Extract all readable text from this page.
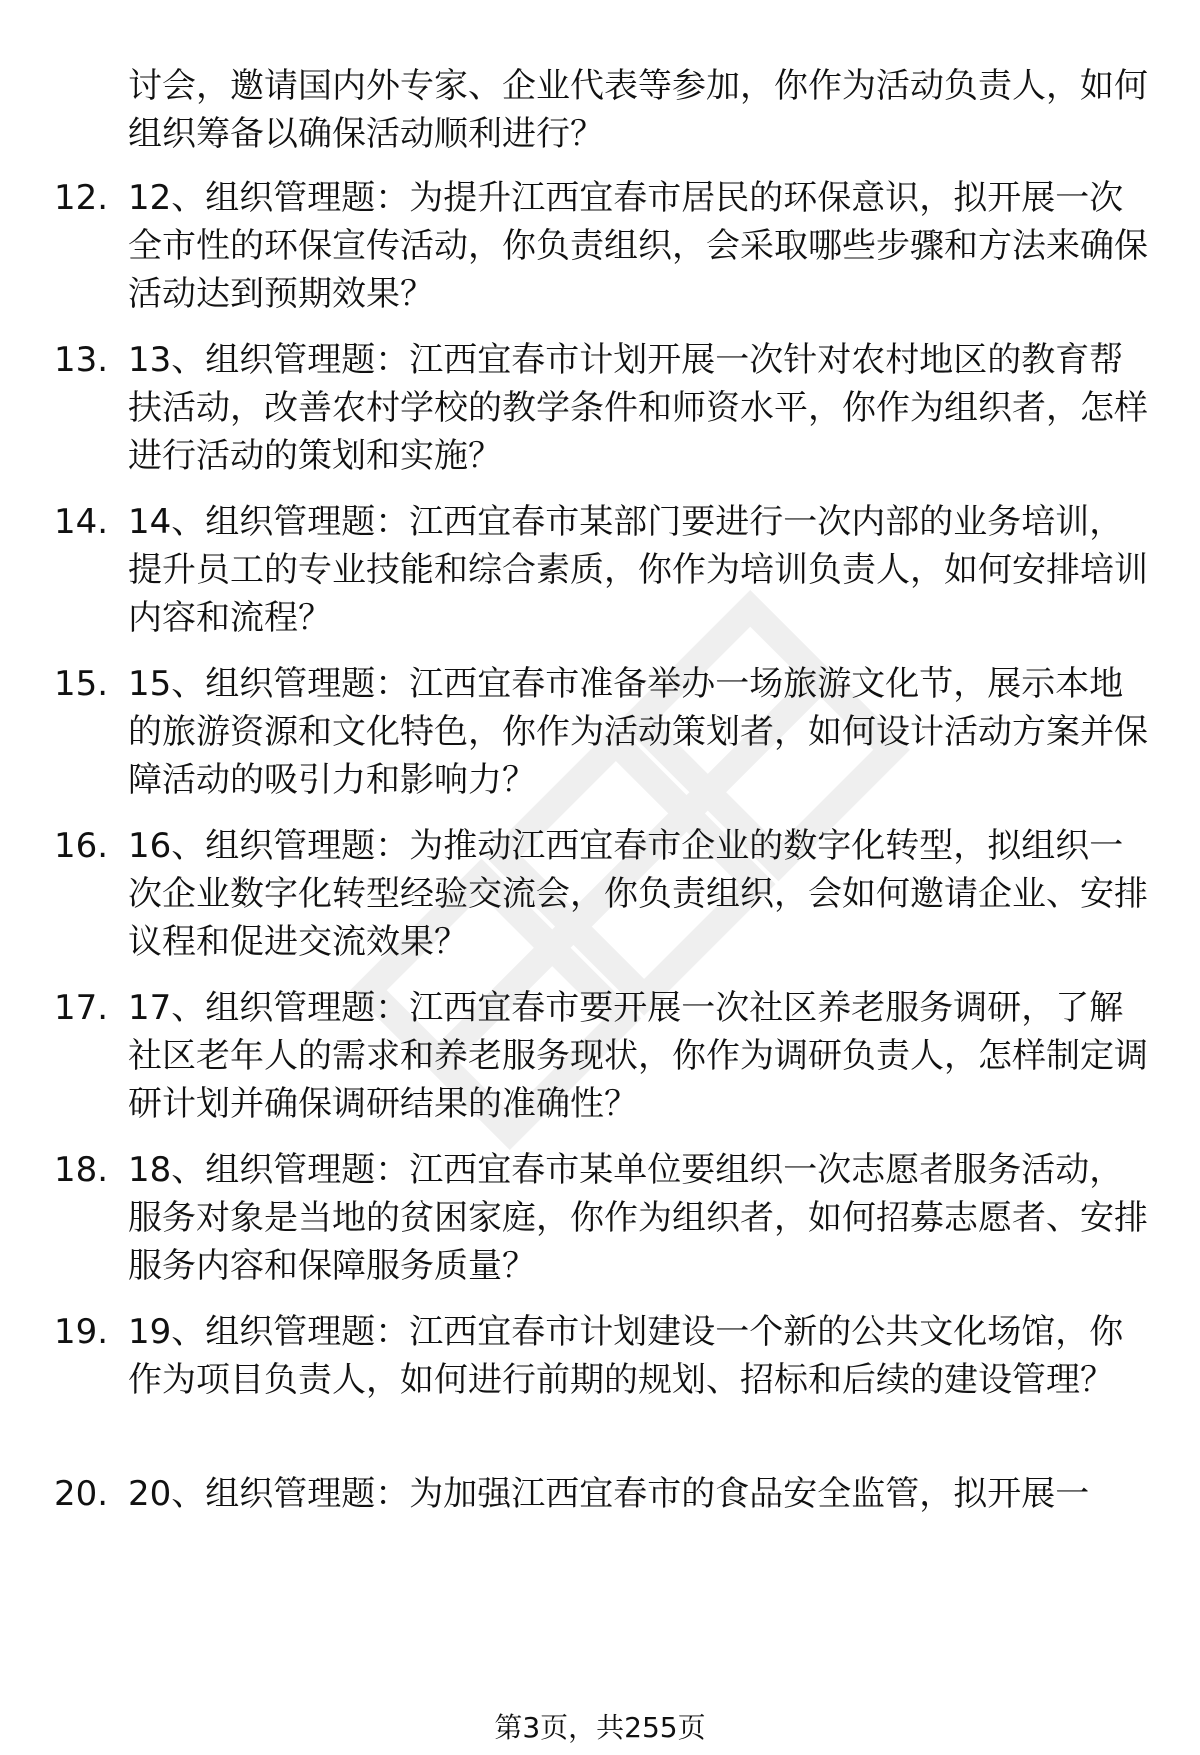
讨会，邀请国内外专家、企业代表等参加，你作为活动负责人，如何组织筹备以确保活动顺利进行？
12. 12、组织管理题：为提升江西宜春市居民的环保意识，拟开展一次全市性的环保宣传活动，你负责组织，会采取哪些步骤和方法来确保活动达到预期效果？
13. 13、组织管理题：江西宜春市计划开展一次针对农村地区的教育帮扶活动，改善农村学校的教学条件和师资水平，你作为组织者，怎样进行活动的策划和实施？
14. 14、组织管理题：江西宜春市某部门要进行一次内部的业务培训，提升员工的专业技能和综合素质，你作为培训负责人，如何安排培训内容和流程？
15. 15、组织管理题：江西宜春市准备举办一场旅游文化节，展示本地的旅游资源和文化特色，你作为活动策划者，如何设计活动方案并保障活动的吸引力和影响力？
16. 16、组织管理题：为推动江西宜春市企业的数字化转型，拟组织一次企业数字化转型经验交流会，你负责组织，会如何邀请企业、安排议程和促进交流效果？
17. 17、组织管理题：江西宜春市要开展一次社区养老服务调研，了解社区老年人的需求和养老服务现状，你作为调研负责人，怎样制定调研计划并确保调研结果的准确性？
18. 18、组织管理题：江西宜春市某单位要组织一次志愿者服务活动，服务对象是当地的贫困家庭，你作为组织者，如何招募志愿者、安排服务内容和保障服务质量？
19. 19、组织管理题：江西宜春市计划建设一个新的公共文化场馆，你作为项目负责人，如何进行前期的规划、招标和后续的建设管理？
20. 20、组织管理题：为加强江西宜春市的食品安全监管，拟开展一
第3页，共255页
